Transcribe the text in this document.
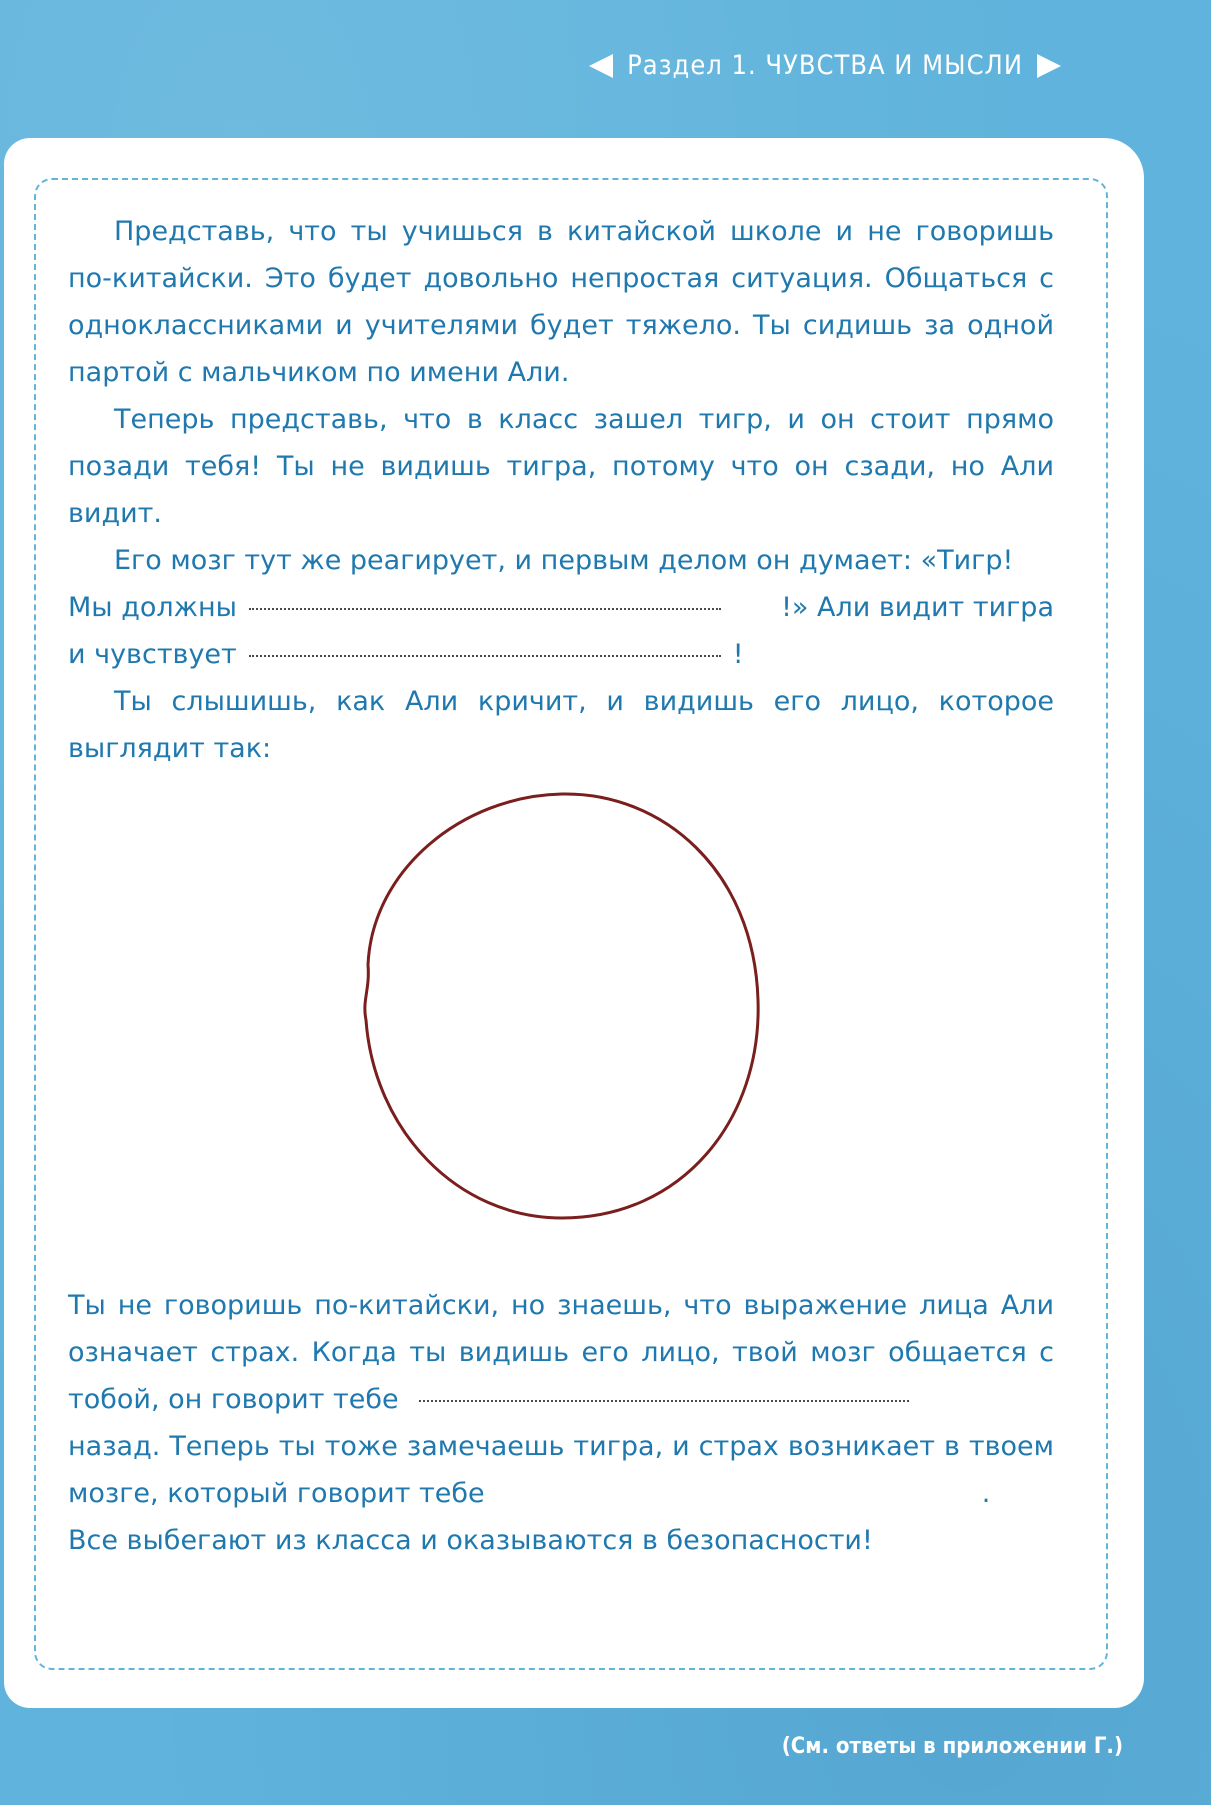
Раздел 1. ЧУВСТВА И МЫСЛИ

Представь, что ты учишься в китайской школе и не говоришь по-китайски. Это будет довольно непростая ситуация. Общаться с одноклассниками и учителями будет тяжело. Ты сидишь за одной партой с мальчиком по имени Али.

Теперь представь, что в класс зашел тигр, и он стоит прямо позади тебя! Ты не видишь тигра, потому что он сзади, но Али видит.

Его мозг тут же реагирует, и первым делом он думает: «Тигр!

Мы должны	!» Али видит тигра
и чувствует	!

Ты слышишь, как Али кричит, и видишь его лицо, которое выглядит так:

Ты не говоришь по-китайски, но знаешь, что выражение лица Али означает страх. Когда ты видишь его лицо, твой мозг общается с тобой, он говорит тебе
назад. Теперь ты тоже замечаешь тигра, и страх возникает в твоем мозге, который говорит тебе	.

Все выбегают из класса и оказываются в безопасности!

(См. ответы в приложении Г.)
